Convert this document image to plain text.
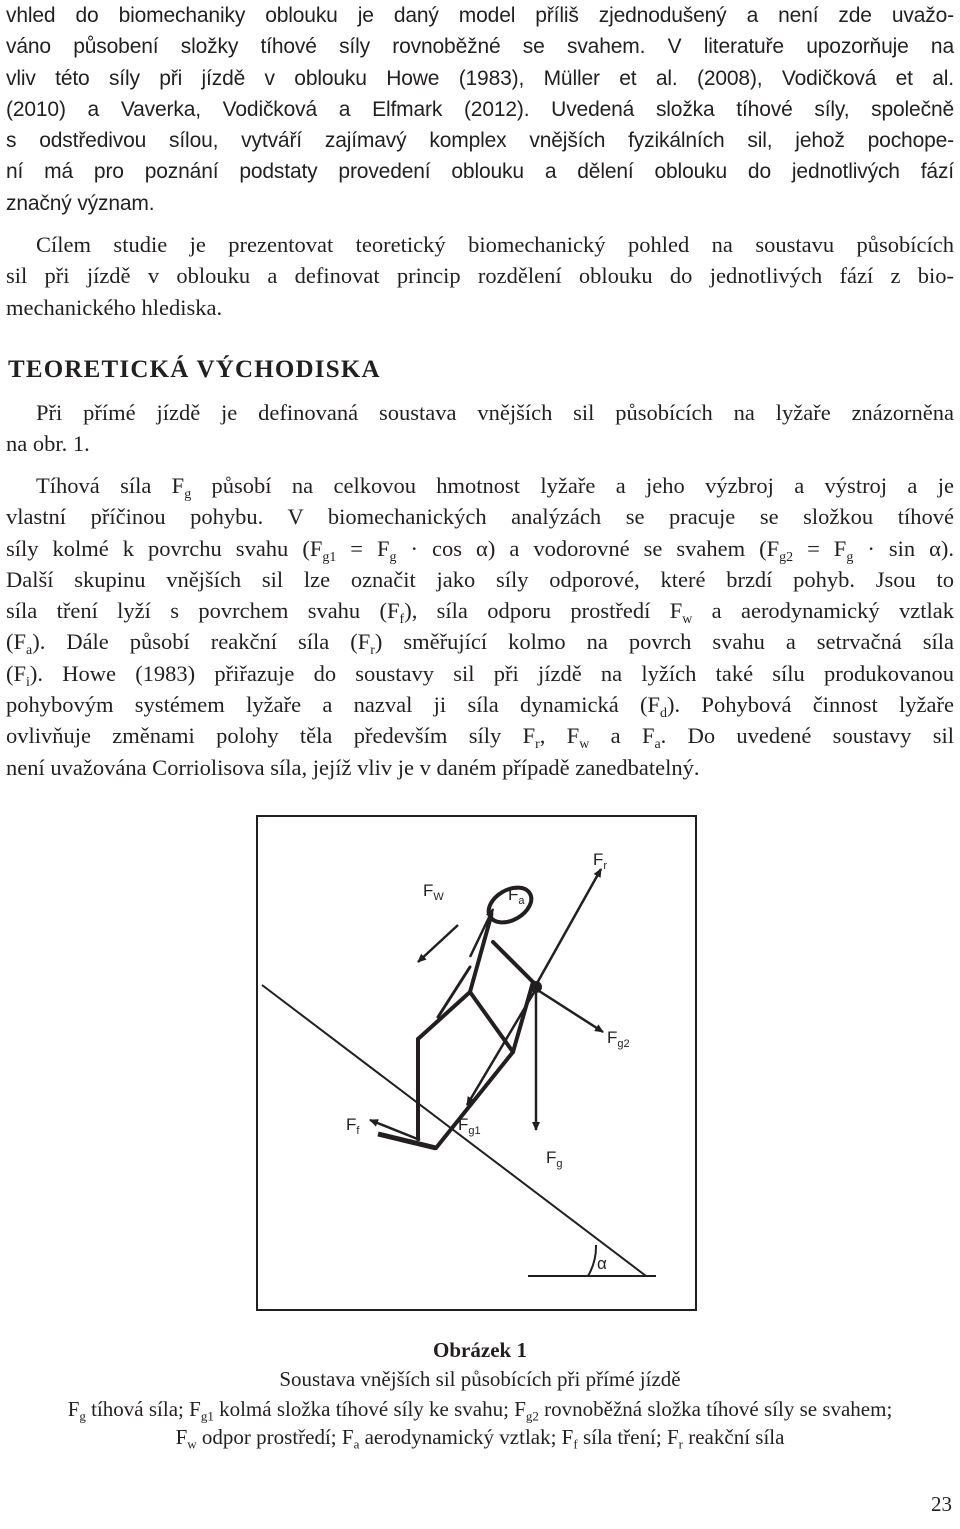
vhled do biomechaniky oblouku je daný model příliš zjednodušený a není zde uvažo-
váno působení složky tíhové síly rovnoběžné se svahem. V literatuře upozorňuje na
vliv této síly při jízdě v oblouku Howe (1983), Müller et al. (2008), Vodičková et al.
(2010) a Vaverka, Vodičková a Elfmark (2012). Uvedená složka tíhové síly, společně
s odstředivou sílou, vytváří zajímavý komplex vnějších fyzikálních sil, jehož pochope-
ní má pro poznání podstaty provedení oblouku a dělení oblouku do jednotlivých fází
značný význam.
Cílem studie je prezentovat teoretický biomechanický pohled na soustavu působících
sil při jízdě v oblouku a definovat princip rozdělení oblouku do jednotlivých fází z bio-
mechanického hlediska.
TEORETICKÁ VÝCHODISKA
Při přímé jízdě je definovaná soustava vnějších sil působících na lyžaře znázorněna
na obr. 1.
Tíhová síla $F_g$ působí na celkovou hmotnost lyžaře a jeho výzbroj a výstroj a je
vlastní příčinou pohybu. V biomechanických analýzách se pracuje se složkou tíhové
síly kolmé k povrchu svahu $(F_{g1} = F_g \cdot \cos \alpha)$ a vodorovné se svahem $(F_{g2} = F_g \cdot \sin \alpha)$.
Další skupinu vnějších sil lze označit jako síly odporové, které brzdí pohyb. Jsou to
síla tření lyží s povrchem svahu $(F_f)$, síla odporu prostředí $F_w$ a aerodynamický vztlak
$(F_a)$. Dále působí reakční síla $(F_r)$ směřující kolmo na povrch svahu a setrvačná síla
$(F_i)$. Howe (1983) přiřazuje do soustavy sil při jízdě na lyžích také sílu produkovanou
pohybovým systémem lyžaře a nazval ji síla dynamická $(F_d)$. Pohybová činnost lyžaře
ovlivňuje změnami polohy těla především síly $F_r$, $F_w$ a $F_a$. Do uvedené soustavy sil
není uvažována Corriolisova síla, jejíž vliv je v daném případě zanedbatelný.
α
$F_r$
$F_W$	$F_a$
$F_{g2}$
$F_f$	$F_{g1}$
$F_g$
Obrázek 1
Soustava vnějších sil působících při přímé jízdě
$F_g$ tíhová síla; $F_{g1}$ kolmá složka tíhové síly ke svahu; $F_{g2}$ rovnoběžná složka tíhové síly se svahem;
$F_w$ odpor prostředí; $F_a$ aerodynamický vztlak; $F_f$ síla tření; $F_r$ reakční síla
23
